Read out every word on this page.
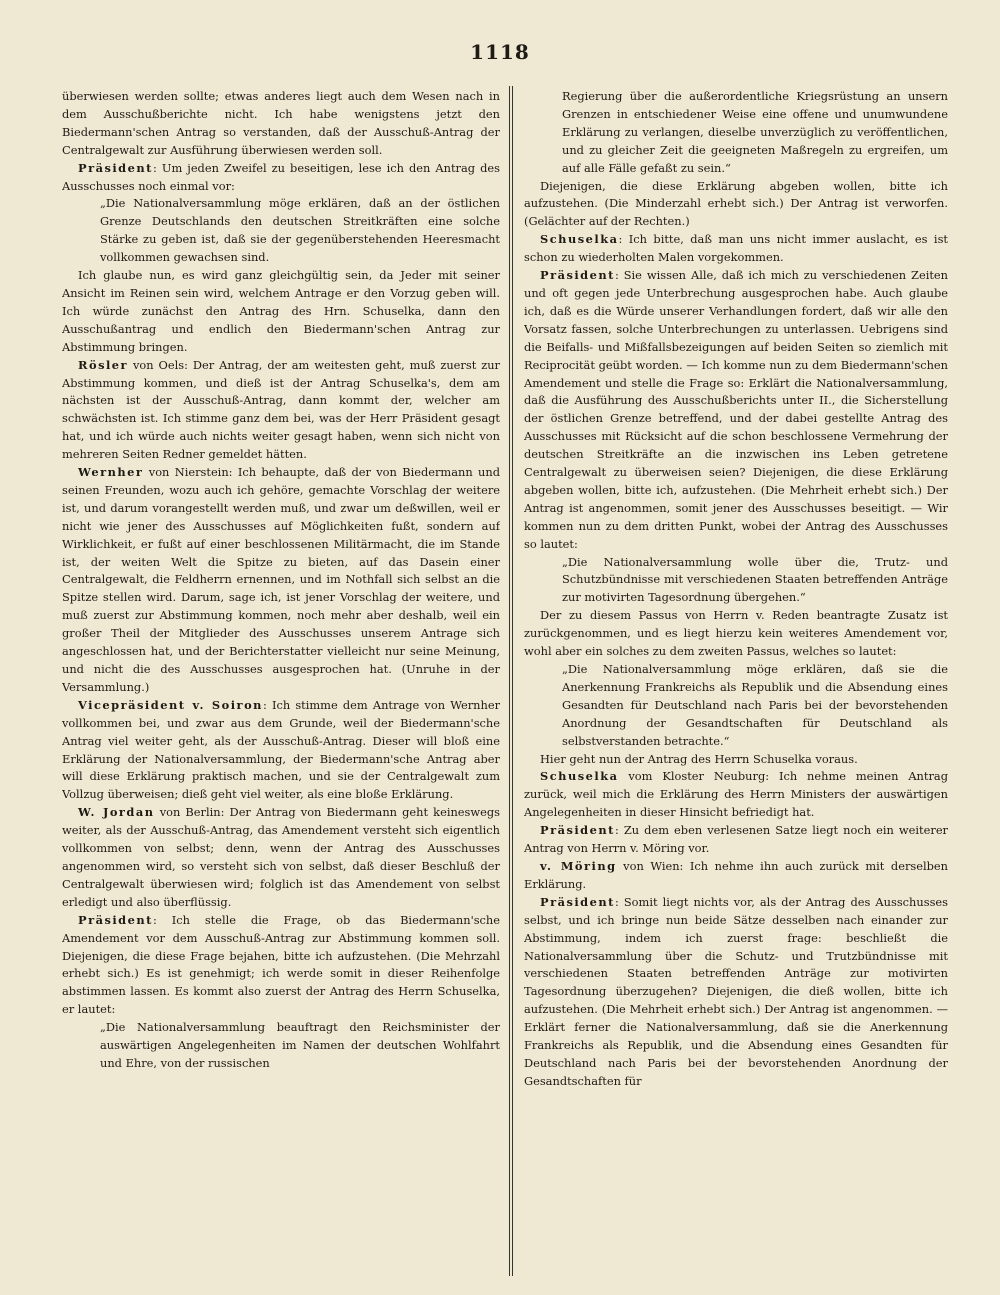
1118

überwiesen werden sollte; etwas anderes liegt auch dem Wesen nach in dem Ausschußberichte nicht. Ich habe wenigstens jetzt den Biedermann'schen Antrag so verstanden, daß der Ausschuß-Antrag der Centralgewalt zur Ausführung überwiesen werden soll.

Präsident: Um jeden Zweifel zu beseitigen, lese ich den Antrag des Ausschusses noch einmal vor:

„Die Nationalversammlung möge erklären, daß an der östlichen Grenze Deutschlands den deutschen Streitkräften eine solche Stärke zu geben ist, daß sie der gegenüberstehenden Heeresmacht vollkommen gewachsen sind.

Ich glaube nun, es wird ganz gleichgültig sein, da Jeder mit seiner Ansicht im Reinen sein wird, welchem Antrage er den Vorzug geben will. Ich würde zunächst den Antrag des Hrn. Schuselka, dann den Ausschußantrag und endlich den Biedermann'schen Antrag zur Abstimmung bringen.

Rösler von Oels: Der Antrag, der am weitesten geht, muß zuerst zur Abstimmung kommen, und dieß ist der Antrag Schuselka's, dem am nächsten ist der Ausschuß-Antrag, dann kommt der, welcher am schwächsten ist. Ich stimme ganz dem bei, was der Herr Präsident gesagt hat, und ich würde auch nichts weiter gesagt haben, wenn sich nicht von mehreren Seiten Redner gemeldet hätten.

Wernher von Nierstein: Ich behaupte, daß der von Biedermann und seinen Freunden, wozu auch ich gehöre, gemachte Vorschlag der weitere ist, und darum vorangestellt werden muß, und zwar um deßwillen, weil er nicht wie jener des Ausschusses auf Möglichkeiten fußt, sondern auf Wirklichkeit, er fußt auf einer beschlossenen Militärmacht, die im Stande ist, der weiten Welt die Spitze zu bieten, auf das Dasein einer Centralgewalt, die Feldherrn ernennen, und im Nothfall sich selbst an die Spitze stellen wird. Darum, sage ich, ist jener Vorschlag der weitere, und muß zuerst zur Abstimmung kommen, noch mehr aber deshalb, weil ein großer Theil der Mitglieder des Ausschusses unserem Antrage sich angeschlossen hat, und der Berichterstatter vielleicht nur seine Meinung, und nicht die des Ausschusses ausgesprochen hat. (Unruhe in der Versammlung.)

Vicepräsident v. Soiron: Ich stimme dem Antrage von Wernher vollkommen bei, und zwar aus dem Grunde, weil der Biedermann'sche Antrag viel weiter geht, als der Ausschuß-Antrag. Dieser will bloß eine Erklärung der Nationalversammlung, der Biedermann'sche Antrag aber will diese Erklärung praktisch machen, und sie der Centralgewalt zum Vollzug überweisen; dieß geht viel weiter, als eine bloße Erklärung.

W. Jordan von Berlin: Der Antrag von Biedermann geht keineswegs weiter, als der Ausschuß-Antrag, das Amendement versteht sich eigentlich vollkommen von selbst; denn, wenn der Antrag des Ausschusses angenommen wird, so versteht sich von selbst, daß dieser Beschluß der Centralgewalt überwiesen wird; folglich ist das Amendement von selbst erledigt und also überflüssig.

Präsident: Ich stelle die Frage, ob das Biedermann'sche Amendement vor dem Ausschuß-Antrag zur Abstimmung kommen soll. Diejenigen, die diese Frage bejahen, bitte ich aufzustehen. (Die Mehrzahl erhebt sich.) Es ist genehmigt; ich werde somit in dieser Reihenfolge abstimmen lassen. Es kommt also zuerst der Antrag des Herrn Schuselka, er lautet:

„Die Nationalversammlung beauftragt den Reichsminister der auswärtigen Angelegenheiten im Namen der deutschen Wohlfahrt und Ehre, von der russischen

Regierung über die außerordentliche Kriegsrüstung an unsern Grenzen in entschiedener Weise eine offene und unumwundene Erklärung zu verlangen, dieselbe unverzüglich zu veröffentlichen, und zu gleicher Zeit die geeigneten Maßregeln zu ergreifen, um auf alle Fälle gefaßt zu sein.“

Diejenigen, die diese Erklärung abgeben wollen, bitte ich aufzustehen. (Die Minderzahl erhebt sich.) Der Antrag ist verworfen. (Gelächter auf der Rechten.)

Schuselka: Ich bitte, daß man uns nicht immer auslacht, es ist schon zu wiederholten Malen vorgekommen.

Präsident: Sie wissen Alle, daß ich mich zu verschiedenen Zeiten und oft gegen jede Unterbrechung ausgesprochen habe. Auch glaube ich, daß es die Würde unserer Verhandlungen fordert, daß wir alle den Vorsatz fassen, solche Unterbrechungen zu unterlassen. Uebrigens sind die Beifalls- und Mißfallsbezeigungen auf beiden Seiten so ziemlich mit Reciprocität geübt worden. — Ich komme nun zu dem Biedermann'schen Amendement und stelle die Frage so: Erklärt die Nationalversammlung, daß die Ausführung des Ausschußberichts unter II., die Sicherstellung der östlichen Grenze betreffend, und der dabei gestellte Antrag des Ausschusses mit Rücksicht auf die schon beschlossene Vermehrung der deutschen Streitkräfte an die inzwischen ins Leben getretene Centralgewalt zu überweisen seien? Diejenigen, die diese Erklärung abgeben wollen, bitte ich, aufzustehen. (Die Mehrheit erhebt sich.) Der Antrag ist angenommen, somit jener des Ausschusses beseitigt. — Wir kommen nun zu dem dritten Punkt, wobei der Antrag des Ausschusses so lautet:

„Die Nationalversammlung wolle über die, Trutz- und Schutzbündnisse mit verschiedenen Staaten betreffenden Anträge zur motivirten Tagesordnung übergehen.“

Der zu diesem Passus von Herrn v. Reden beantragte Zusatz ist zurückgenommen, und es liegt hierzu kein weiteres Amendement vor, wohl aber ein solches zu dem zweiten Passus, welches so lautet:

„Die Nationalversammlung möge erklären, daß sie die Anerkennung Frankreichs als Republik und die Absendung eines Gesandten für Deutschland nach Paris bei der bevorstehenden Anordnung der Gesandtschaften für Deutschland als selbstverstanden betrachte.“

Hier geht nun der Antrag des Herrn Schuselka voraus.

Schuselka vom Kloster Neuburg: Ich nehme meinen Antrag zurück, weil mich die Erklärung des Herrn Ministers der auswärtigen Angelegenheiten in dieser Hinsicht befriedigt hat.

Präsident: Zu dem eben verlesenen Satze liegt noch ein weiterer Antrag von Herrn v. Möring vor.

v. Möring von Wien: Ich nehme ihn auch zurück mit derselben Erklärung.

Präsident: Somit liegt nichts vor, als der Antrag des Ausschusses selbst, und ich bringe nun beide Sätze desselben nach einander zur Abstimmung, indem ich zuerst frage: beschließt die Nationalversammlung über die Schutz- und Trutzbündnisse mit verschiedenen Staaten betreffenden Anträge zur motivirten Tagesordnung überzugehen? Diejenigen, die dieß wollen, bitte ich aufzustehen. (Die Mehrheit erhebt sich.) Der Antrag ist angenommen. — Erklärt ferner die Nationalversammlung, daß sie die Anerkennung Frankreichs als Republik, und die Absendung eines Gesandten für Deutschland nach Paris bei der bevorstehenden Anordnung der Gesandtschaften für
